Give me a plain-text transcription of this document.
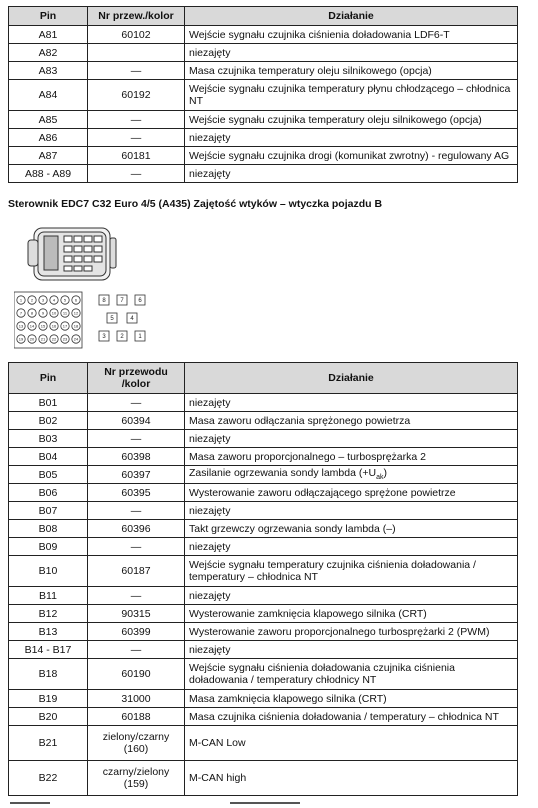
Pin	Nr przew./kolor	Działanie
A81	60102	Wejście sygnału czujnika ciśnienia doładowania LDF6-T
A82		niezajęty
A83	—	Masa czujnika temperatury oleju silnikowego (opcja)
A84	60192	Wejście sygnału czujnika temperatury płynu chłodzącego – chłodnica NT
A85	—	Wejście sygnału czujnika temperatury oleju silnikowego (opcja)
A86	—	niezajęty
A87	60181	Wejście sygnału czujnika drogi (komunikat zwrotny) - regulowany AG
A88 - A89	—	niezajęty
Sterownik EDC7 C32 Euro 4/5 (A435) Zajętość wtyków – wtyczka pojazdu B
1 2 3 4 5 6
7 8 9 10 11 12
13 14 15 16 17 18
19 20 21 22 23 24
8 7 6
5	4
3 2 1
Pin	Nr przewodu /kolor	Działanie
B01	—	niezajęty
B02	60394	Masa zaworu odłączania sprężonego powietrza
B03	—	niezajęty
B04	60398	Masa zaworu proporcjonalnego – turbosprężarka 2
B05	60397	Zasilanie ogrzewania sondy lambda $(+U_{ak})$
B06	60395	Wysterowanie zaworu odłączającego sprężone powietrze
B07	—	niezajęty
B08	60396	Takt grzewczy ogrzewania sondy lambda (–)
B09	—	niezajęty
B10	60187	Wejście sygnału temperatury czujnika ciśnienia doładowania / temperatury – chłodnica NT
B11	—	niezajęty
B12	90315	Wysterowanie zamknięcia klapowego silnika (CRT)
B13	60399	Wysterowanie zaworu proporcjonalnego turbosprężarki 2 (PWM)
B14 - B17	—	niezajęty
B18	60190	Wejście sygnału ciśnienia doładowania czujnika ciśnienia doładowania / temperatury chłodnicy NT
B19	31000	Masa zamknięcia klapowego silnika (CRT)
B20	60188	Masa czujnika ciśnienia doładowania / temperatury – chłodnica NT
B21	zielony/czarny (160)	M-CAN Low
B22	czarny/zielony (159)	M-CAN high
